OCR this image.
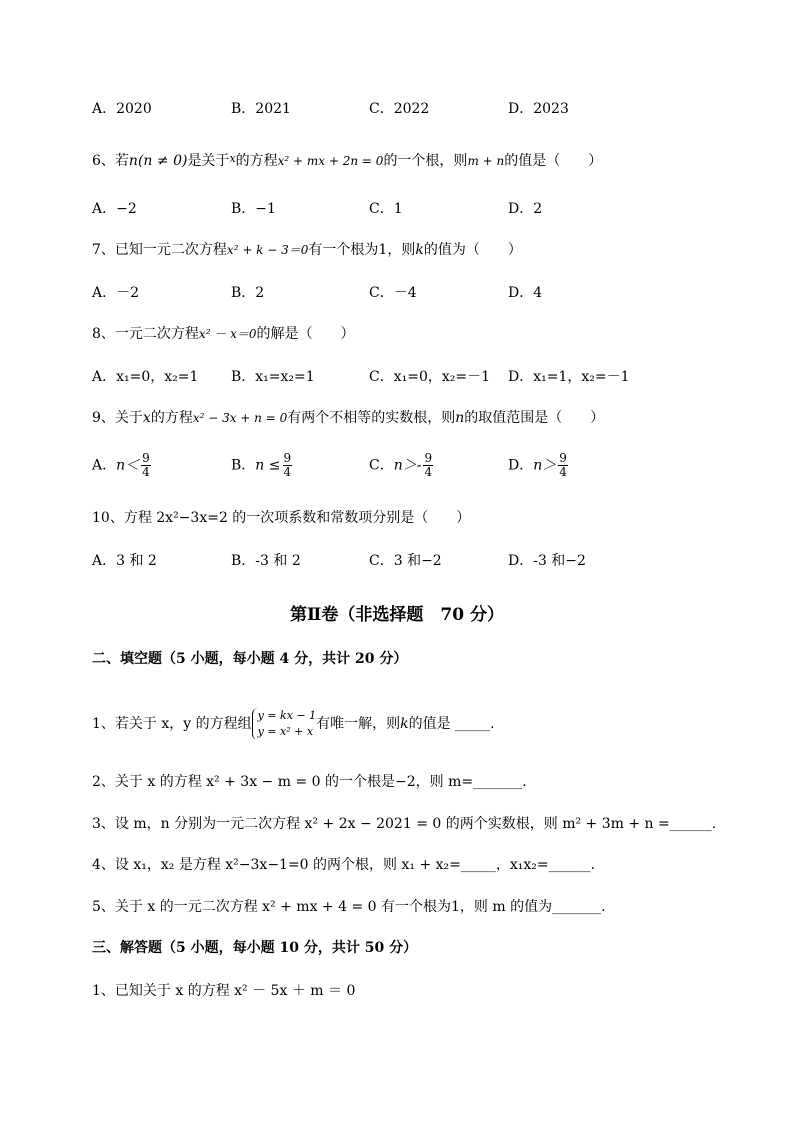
A．2020	B．2021	C．2022	D．2023
6、若n(n ≠ 0)是关于$^x$的方程x² + mx + 2n = 0的一个根，则m + n的值是（　　）
A．−2	B．−1	C．1	D．2
7、已知一元二次方程x² + k − 3＝0有一个根为1，则k的值为（　　）
A．－2	B．2	C．－4	D．4
8、一元二次方程x² － x＝0的解是（　　）
A．x₁=0，x₂=1 B．x₁=x₂=1	C．x₁=0，x₂=－1 D．x₁=1，x₂=－1
9、关于x的方程x² − 3x + n = 0有两个不相等的实数根，则n的取值范围是（　　）
A．$n< \frac{9}{4}$	B．$n \le \frac{9}{4}$	C．$n>- \frac{9}{4}$	D．$n> \frac{9}{4}$
10、方程 2x²−3x=2 的一次项系数和常数项分别是（　　）
A．3 和 2	B．-3 和 2	C．3 和−2	D．-3 和−2
第Ⅱ卷（非选择题　70 分）
二、填空题（5 小题，每小题 4 分，共计 20 分）
1、若关于 x，y 的方程组
y = kx − 1
y = x² + x 有唯一解，则k的值是 _____.
2、关于 x 的方程 x² + 3x − m = 0 的一个根是−2，则 m=_______.
3、设 m，n 分别为一元二次方程 x² + 2x − 2021 = 0 的两个实数根，则 m² + 3m + n =______.
4、设 x₁，x₂ 是方程 x²−3x−1=0 的两个根，则 x₁ + x₂=_____，x₁x₂=______.
5、关于 x 的一元二次方程 x² + mx + 4 = 0 有一个根为1，则 m 的值为_______.
三、解答题（5 小题，每小题 10 分，共计 50 分）
1、已知关于 x 的方程 x² － 5x ＋ m ＝ 0
